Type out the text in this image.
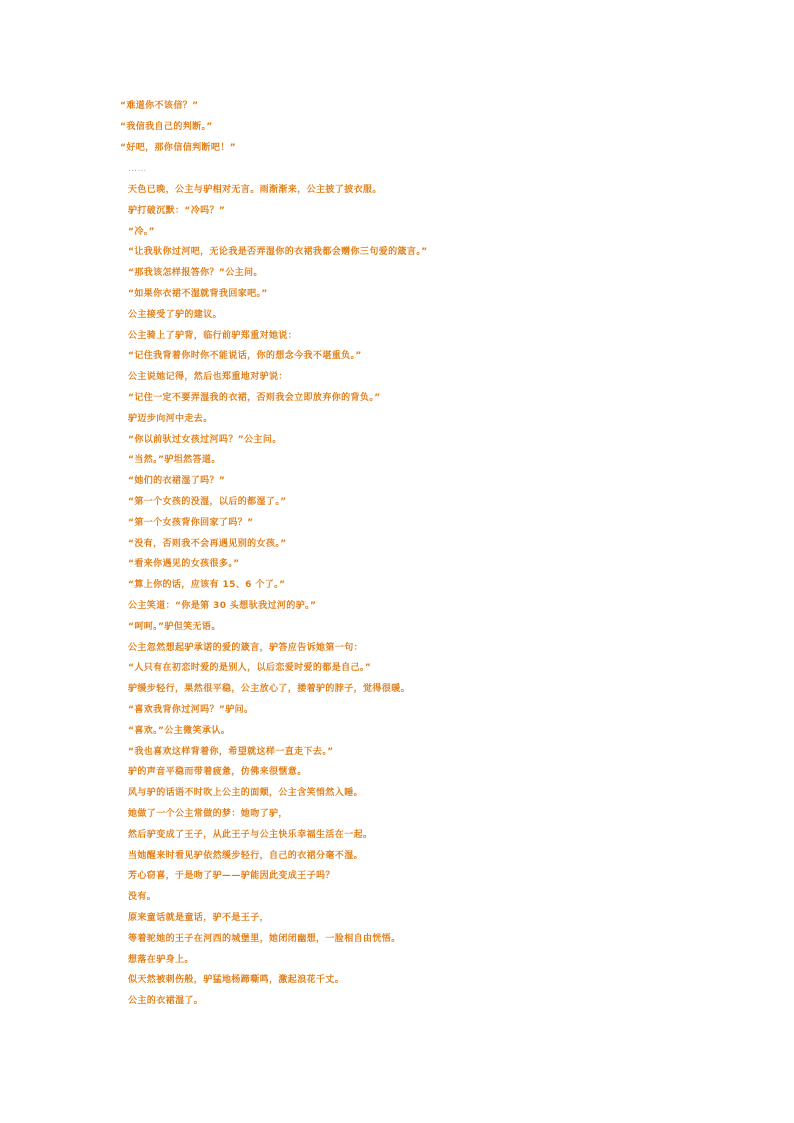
“难道你不该信？”
“我信我自己的判断。”
“好吧，那你信信判断吧！”
……
天色已晚，公主与驴相对无言。雨渐渐来，公主披了披衣服。
驴打破沉默：“冷吗？”
“冷。”
“让我驮你过河吧，无论我是否弄湿你的衣裙我都会赠你三句爱的箴言。”
“那我该怎样报答你？”公主问。
“如果你衣裙不湿就背我回家吧。”
公主接受了驴的建议。
公主骑上了驴背，临行前驴郑重对她说：
“记住我背着你时你不能说话，你的想念今我不堪重负。”
公主说她记得，然后也郑重地对驴说：
“记住一定不要弄湿我的衣裙，否则我会立即放弃你的背负。”
驴迈步向河中走去。
“你以前驮过女孩过河吗？”公主问。
“当然。”驴坦然答道。
“她们的衣裙湿了吗？”
“第一个女孩的没湿，以后的都湿了。”
“第一个女孩背你回家了吗？”
“没有，否则我不会再遇见别的女孩。”
“看来你遇见的女孩很多。”
“算上你的话，应该有 15、6 个了。”
公主笑道：“你是第 30 头想驮我过河的驴。”
“呵呵。”驴但笑无语。
公主忽然想起驴承诺的爱的箴言，驴答应告诉她第一句：
“人只有在初恋时爱的是别人，以后恋爱时爱的都是自己。”
驴缓步轻行，果然很平稳，公主放心了，搂着驴的脖子，觉得很暖。
“喜欢我背你过河吗？”驴问。
“喜欢。”公主微笑承认。
“我也喜欢这样背着你，希望就这样一直走下去。”
驴的声音平稳而带着疲惫，仿佛来很惬意。
风与驴的话语不时吹上公主的面颊，公主含笑悄然入睡。
她做了一个公主常做的梦：她吻了驴，
然后驴变成了王子，从此王子与公主快乐幸福生活在一起。
当她醒来时看见驴依然缓步轻行，自己的衣裙分毫不湿。
芳心窃喜，于是吻了驴——驴能因此变成王子吗？
没有。
原来童话就是童话，驴不是王子，
等着驼她的王子在河西的城堡里，她闭闭幽想，一脸相自由恍悟。
想落在驴身上。
似天然被刺伤般，驴猛地杨蹄嘶鸣，激起浪花千丈。
公主的衣裙湿了。
